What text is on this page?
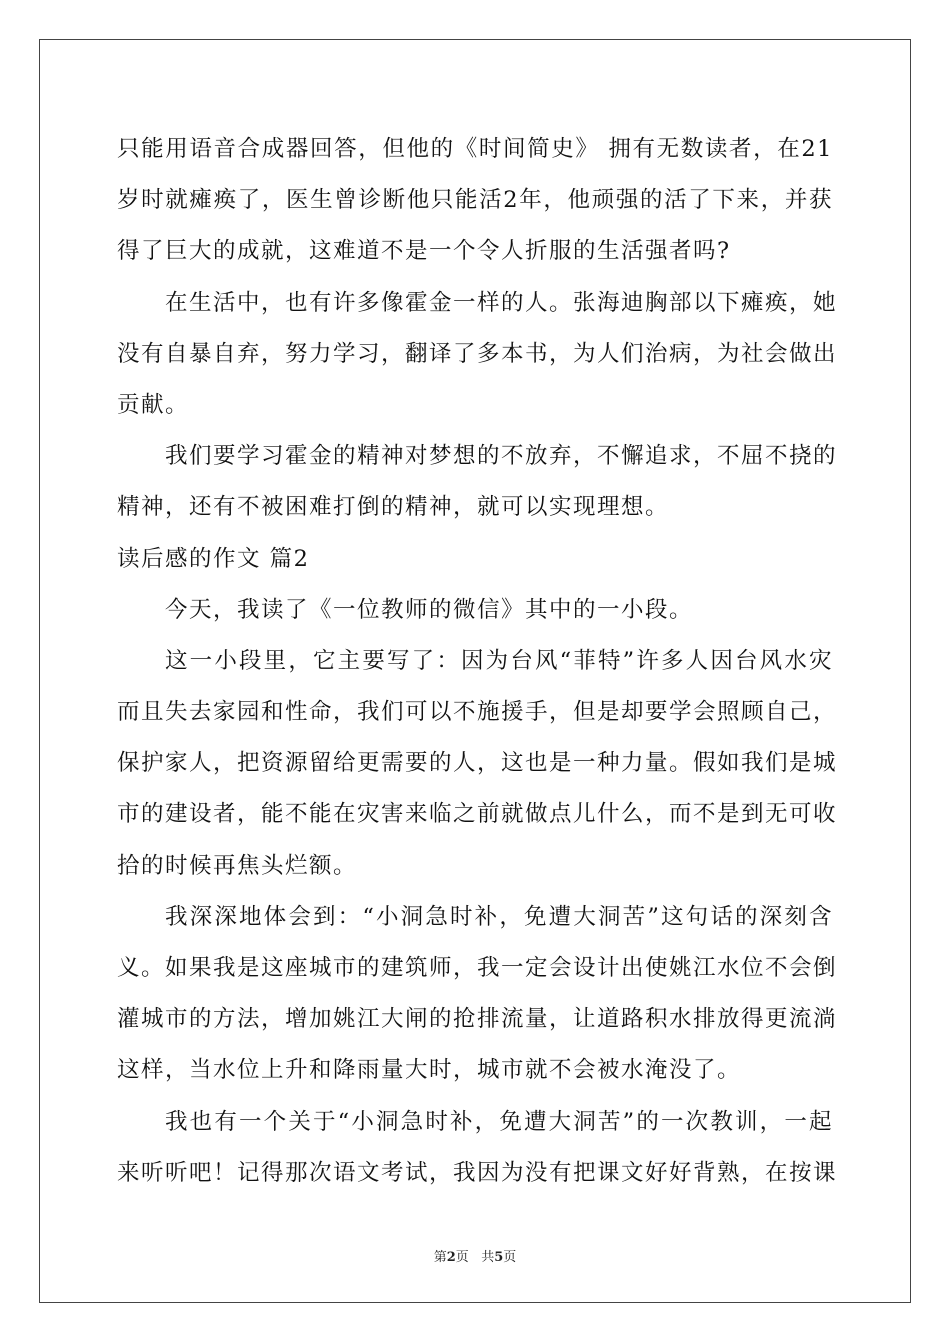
只能用语音合成器回答，但他的《时间简史》 拥有无数读者，在21
岁时就瘫痪了，医生曾诊断他只能活2年，他顽强的活了下来，并获
得了巨大的成就，这难道不是一个令人折服的生活强者吗?
在生活中，也有许多像霍金一样的人。张海迪胸部以下瘫痪，她
没有自暴自弃，努力学习，翻译了多本书，为人们治病，为社会做出
贡献。
我们要学习霍金的精神对梦想的不放弃，不懈追求，不屈不挠的
精神，还有不被困难打倒的精神，就可以实现理想。
读后感的作文 篇2
今天，我读了《一位教师的微信》其中的一小段。
这一小段里，它主要写了：因为台风“菲特”许多人因台风水灾
而且失去家园和性命，我们可以不施援手，但是却要学会照顾自己，
保护家人，把资源留给更需要的人，这也是一种力量。假如我们是城
市的建设者，能不能在灾害来临之前就做点儿什么，而不是到无可收
拾的时候再焦头烂额。
我深深地体会到：“小洞急时补，免遭大洞苦”这句话的深刻含
义。如果我是这座城市的建筑师，我一定会设计出使姚江水位不会倒
灌城市的方法，增加姚江大闸的抢排流量，让道路积水排放得更流淌
这样，当水位上升和降雨量大时，城市就不会被水淹没了。
我也有一个关于“小洞急时补，免遭大洞苦”的一次教训，一起
来听听吧！记得那次语文考试，我因为没有把课文好好背熟，在按课
第2页 共5页
